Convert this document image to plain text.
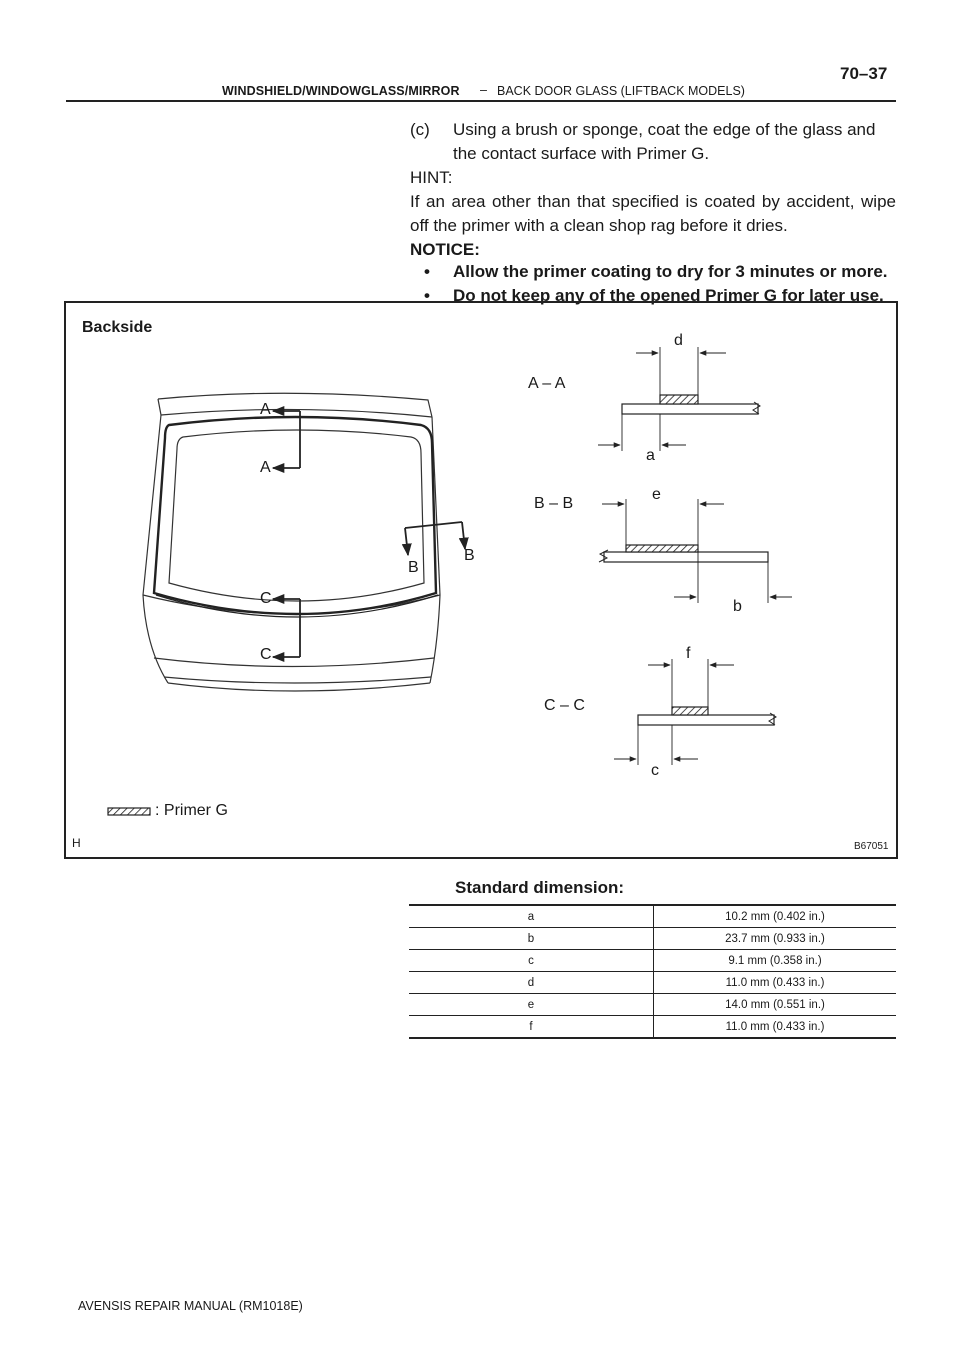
WINDSHIELD/WINDOWGLASS/MIRROR – BACK DOOR GLASS (LIFTBACK MODELS)
70–37
(c) Using a brush or sponge, coat the edge of the glass and
the contact surface with Primer G.
HINT:
If an area other than that specified is coated by accident, wipe off the primer with a clean shop rag before it dries.
NOTICE:
• Allow the primer coating to dry for 3 minutes or more.
• Do not keep any of the opened Primer G for later use.
Backside
A – A
B – B
C – C
A
A
B
B
C
C
d
a
e
b
f
c
: Primer G
H	B67051
Standard dimension:
a	10.2 mm (0.402 in.)
b	23.7 mm (0.933 in.)
c	9.1 mm (0.358 in.)
d	11.0 mm (0.433 in.)
e	14.0 mm (0.551 in.)
f	11.0 mm (0.433 in.)
AVENSIS REPAIR MANUAL (RM1018E)
